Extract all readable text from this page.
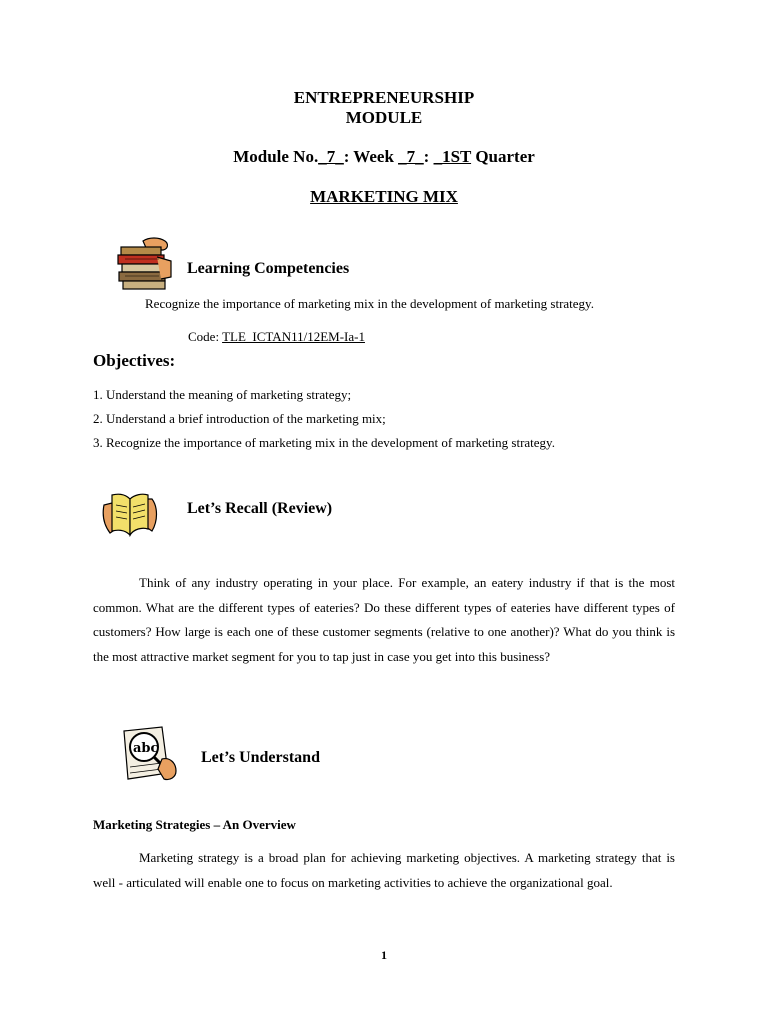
ENTREPRENEURSHIP
MODULE
Module No._7_: Week _7_: _1ST Quarter
MARKETING MIX
Learning Competencies
Recognize the importance of marketing mix in the development of marketing strategy.
Code: TLE_ICTAN11/12EM-Ia-1
Objectives:
1. Understand the meaning of marketing strategy;
2. Understand a brief introduction of the marketing mix;
3. Recognize the importance of marketing mix in the development of marketing strategy.
Let’s Recall (Review)
Think of any industry operating in your place. For example, an eatery industry if that is the most common. What are the different types of eateries? Do these different types of eateries have different types of customers? How large is each one of these customer segments (relative to one another)? What do you think is the most attractive market segment for you to tap just in case you get into this business?
abc
Let’s Understand
Marketing Strategies – An Overview
Marketing strategy is a broad plan for achieving marketing objectives. A marketing strategy that is well - articulated will enable one to focus on marketing activities to achieve the organizational goal.
1
